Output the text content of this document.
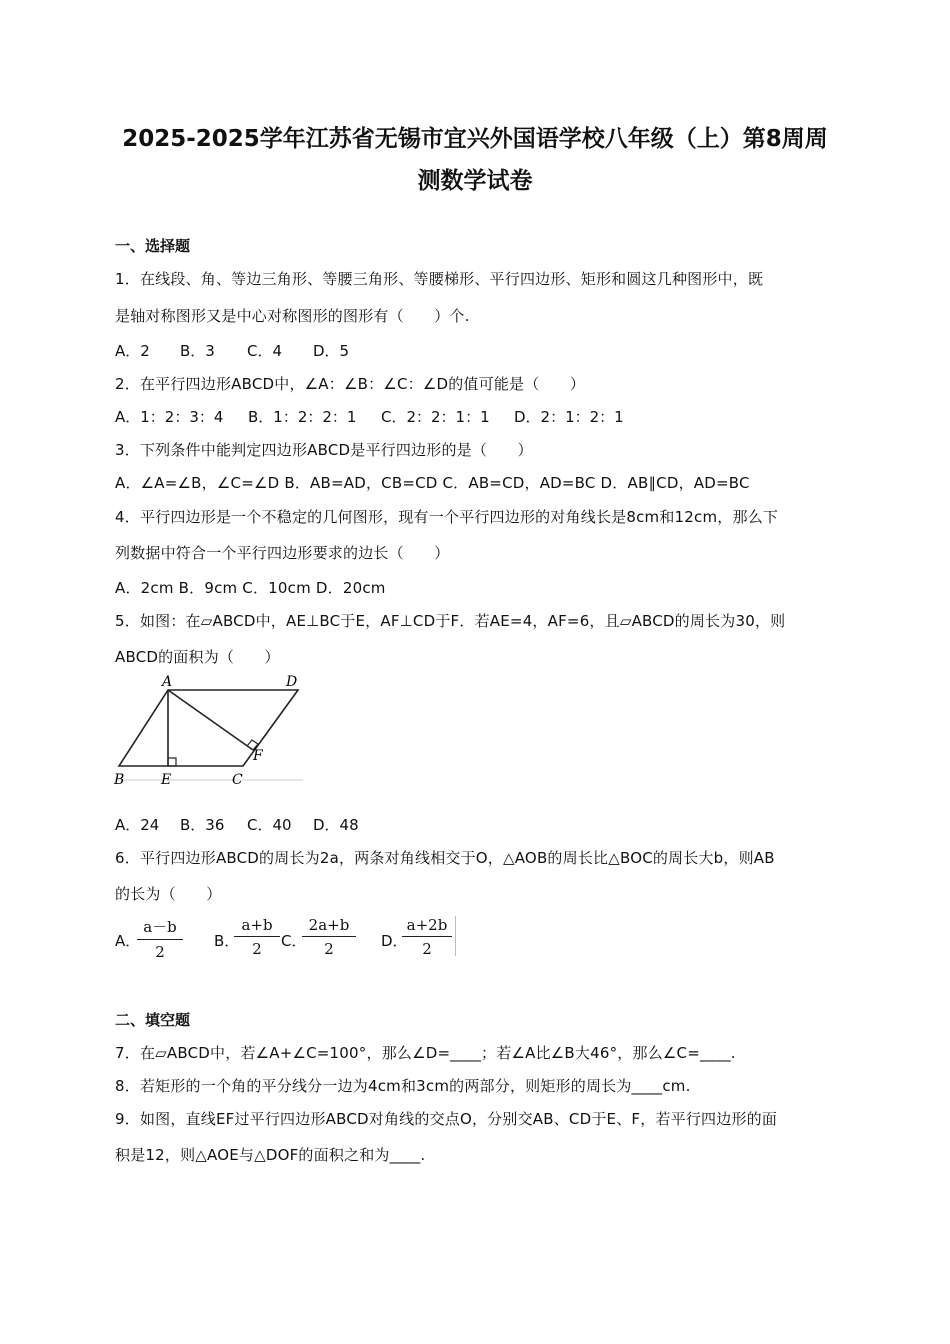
2025-2025学年江苏省无锡市宜兴外国语学校八年级（上）第8周周
测数学试卷
一、选择题
1．在线段、角、等边三角形、等腰三角形、等腰梯形、平行四边形、矩形和圆这几种图形中，既
是轴对称图形又是中心对称图形的图形有（　　）个.
A．2 B．3 C．4 D．5
2．在平行四边形ABCD中，∠A：∠B：∠C：∠D的值可能是（　　）
A．1：2：3：4 B．1：2：2：1 C．2：2：1：1 D．2：1：2：1
3．下列条件中能判定四边形ABCD是平行四边形的是（　　）
A．∠A=∠B，∠C=∠D B．AB=AD，CB=CD C．AB=CD，AD=BC D．AB∥CD，AD=BC
4．平行四边形是一个不稳定的几何图形，现有一个平行四边形的对角线长是8cm和12cm，那么下
列数据中符合一个平行四边形要求的边长（　　）
A．2cm B．9cm C．10cm D．20cm
5．如图：在▱ABCD中，AE⊥BC于E，AF⊥CD于F．若AE=4，AF=6，且▱ABCD的周长为30，则
ABCD的面积为（　　）
A	D
B	E	C
F
A．24 B．36 C．40 D．48
6．平行四边形ABCD的周长为2a，两条对角线相交于O，△AOB的周长比△BOC的周长大b，则AB
的长为（　　）
A．
$\frac{a-b}{2}$ B．
$\frac{a+b}{2}$ C．
$\frac{2a+b}{2}$ D．
$\frac{a+2b}{2}$
二、填空题
7．在▱ABCD中，若∠A+∠C=100°，那么∠D=____；若∠A比∠B大46°，那么∠C=____.
8．若矩形的一个角的平分线分一边为4cm和3cm的两部分，则矩形的周长为____cm.
9．如图，直线EF过平行四边形ABCD对角线的交点O，分别交AB、CD于E、F，若平行四边形的面
积是12，则△AOE与△DOF的面积之和为____.
